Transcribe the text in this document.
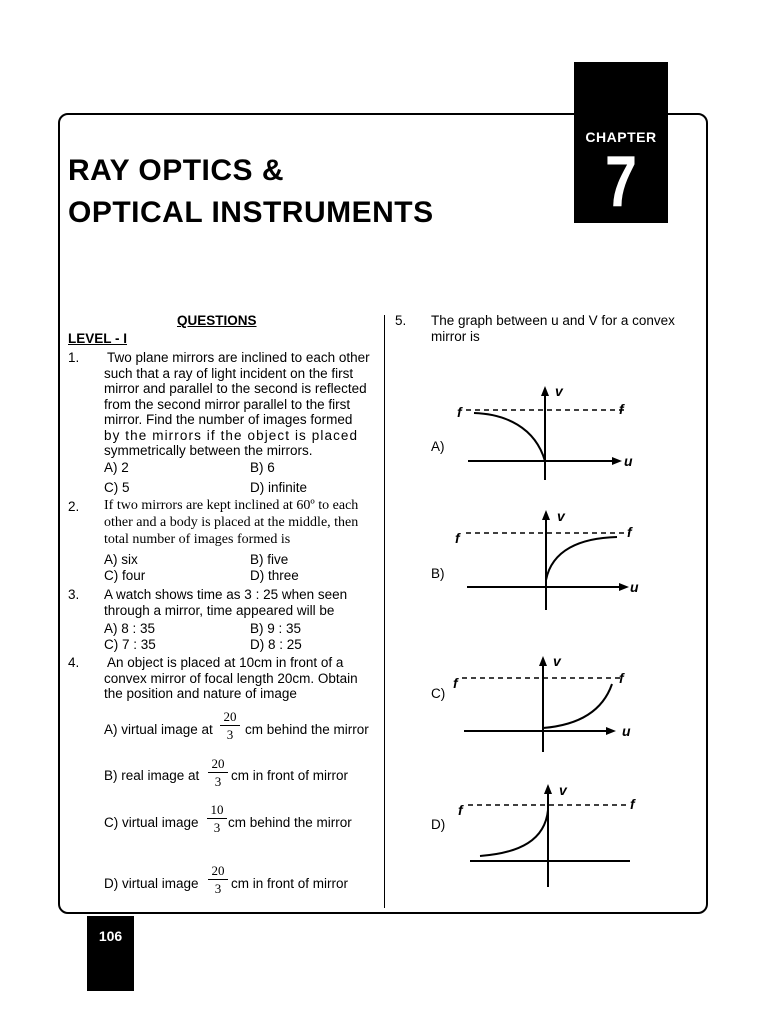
CHAPTER
7
RAY OPTICS &
OPTICAL INSTRUMENTS
QUESTIONS
LEVEL - I
1. Two plane mirrors are inclined to each other
such that a ray of light incident on the first
mirror and parallel to the second is reflected
from the second mirror parallel to the first
mirror. Find the number of images formed
by the mirrors if the object is placed
symmetrically between the mirrors.
A) 2	B) 6
C) 5	D) infinite
2. If two mirrors are kept inclined at 60º to each
other and a body is placed at the middle, then
total number of images formed is
A) six	B) five
C) four	D) three
3. A watch shows time as 3 : 25 when seen
through a mirror, time appeared will be
A) 8 : 35	B) 9 : 35
C) 7 : 35	D) 8 : 25
4. An object is placed at 10cm in front of a
convex mirror of focal length 20cm. Obtain
the position and nature of image
A) virtual image at
20
3 cm behind the mirror
B) real image at
20
3 cm in front of mirror
C) virtual image
10
3 cm behind the mirror
D) virtual image
20
3 cm in front of mirror
5. The graph between u and V for a convex
mirror is
A)
B)
C)
D)
v
u
f	f
v
u
f	f
v
u
f	f
v
f	f
106
